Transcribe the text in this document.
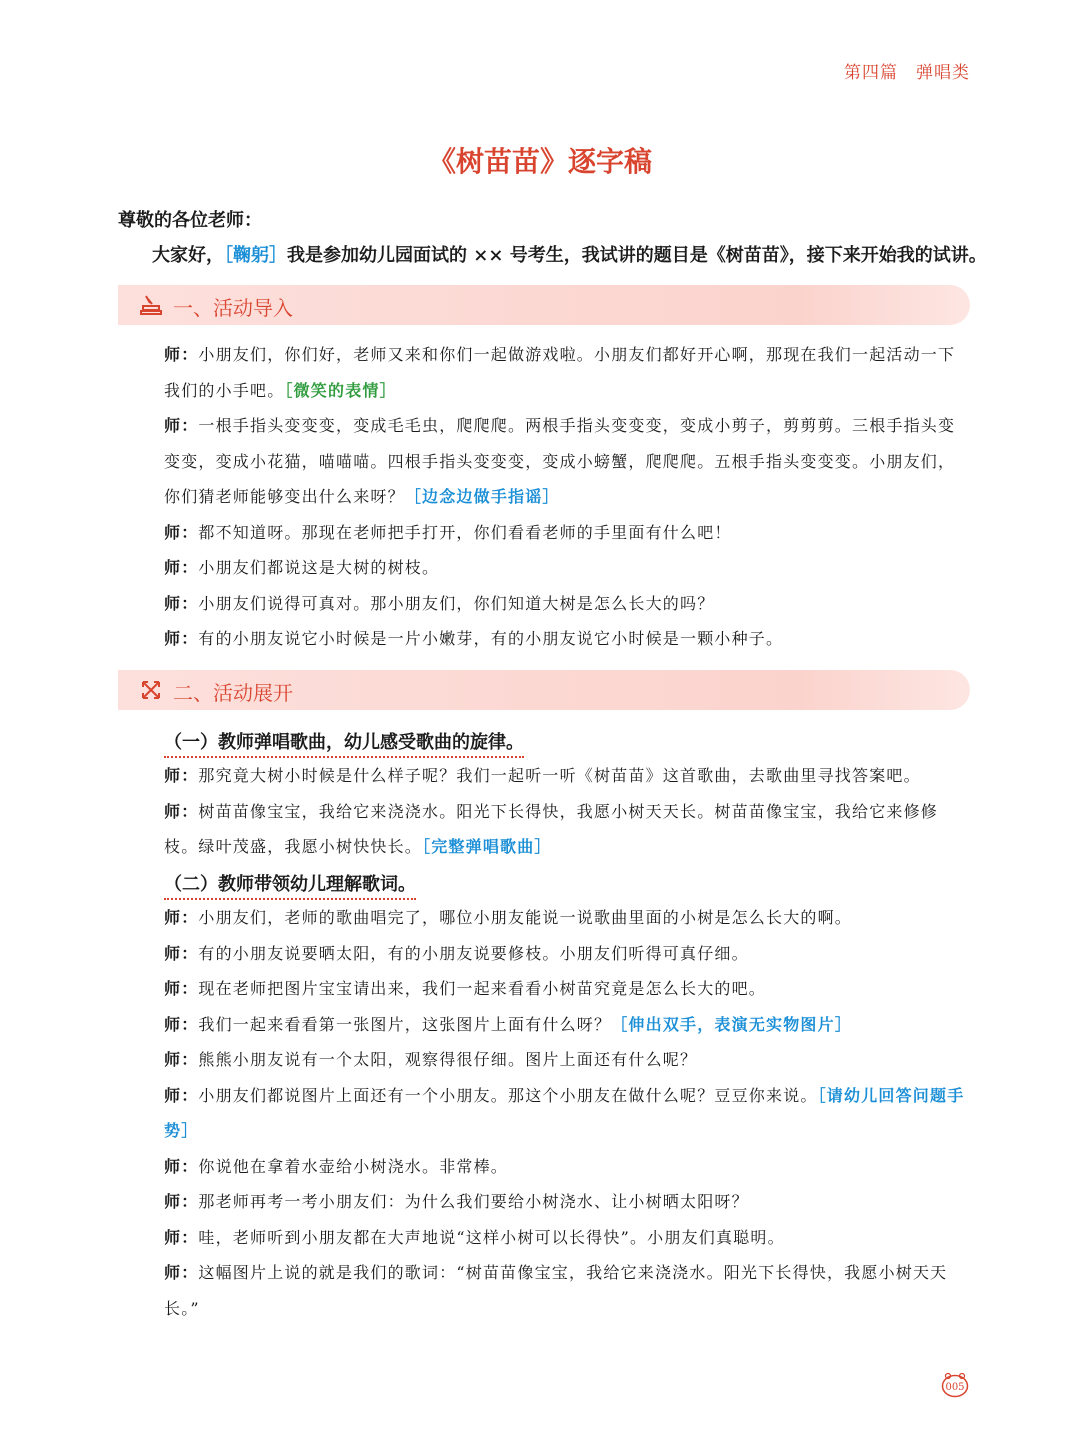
第四篇 弹唱类
《树苗苗》逐字稿
尊敬的各位老师：
大家好，［鞠躬］我是参加幼儿园面试的 ×× 号考生，我试讲的题目是《树苗苗》，接下来开始我的试讲。
一、活动导入
师：小朋友们，你们好，老师又来和你们一起做游戏啦。小朋友们都好开心啊，那现在我们一起活动一下我们的小手吧。［微笑的表情］
师：一根手指头变变变，变成毛毛虫，爬爬爬。两根手指头变变变，变成小剪子，剪剪剪。三根手指头变变变，变成小花猫，喵喵喵。四根手指头变变变，变成小螃蟹，爬爬爬。五根手指头变变变。小朋友们，你们猜老师能够变出什么来呀？［边念边做手指谣］
师：都不知道呀。那现在老师把手打开，你们看看老师的手里面有什么吧！
师：小朋友们都说这是大树的树枝。
师：小朋友们说得可真对。那小朋友们，你们知道大树是怎么长大的吗？
师：有的小朋友说它小时候是一片小嫩芽，有的小朋友说它小时候是一颗小种子。
二、活动展开
（一）教师弹唱歌曲，幼儿感受歌曲的旋律。
师：那究竟大树小时候是什么样子呢？我们一起听一听《树苗苗》这首歌曲，去歌曲里寻找答案吧。
师：树苗苗像宝宝，我给它来浇浇水。阳光下长得快，我愿小树天天长。树苗苗像宝宝，我给它来修修枝。绿叶茂盛，我愿小树快快长。［完整弹唱歌曲］
（二）教师带领幼儿理解歌词。
师：小朋友们，老师的歌曲唱完了，哪位小朋友能说一说歌曲里面的小树是怎么长大的啊。
师：有的小朋友说要晒太阳，有的小朋友说要修枝。小朋友们听得可真仔细。
师：现在老师把图片宝宝请出来，我们一起来看看小树苗究竟是怎么长大的吧。
师：我们一起来看看第一张图片，这张图片上面有什么呀？［伸出双手，表演无实物图片］
师：熊熊小朋友说有一个太阳，观察得很仔细。图片上面还有什么呢？
师：小朋友们都说图片上面还有一个小朋友。那这个小朋友在做什么呢？豆豆你来说。［请幼儿回答问题手势］
师：你说他在拿着水壶给小树浇水。非常棒。
师：那老师再考一考小朋友们：为什么我们要给小树浇水、让小树晒太阳呀？
师：哇，老师听到小朋友都在大声地说“这样小树可以长得快”。小朋友们真聪明。
师：这幅图片上说的就是我们的歌词：“树苗苗像宝宝，我给它来浇浇水。阳光下长得快，我愿小树天天长。”
005
